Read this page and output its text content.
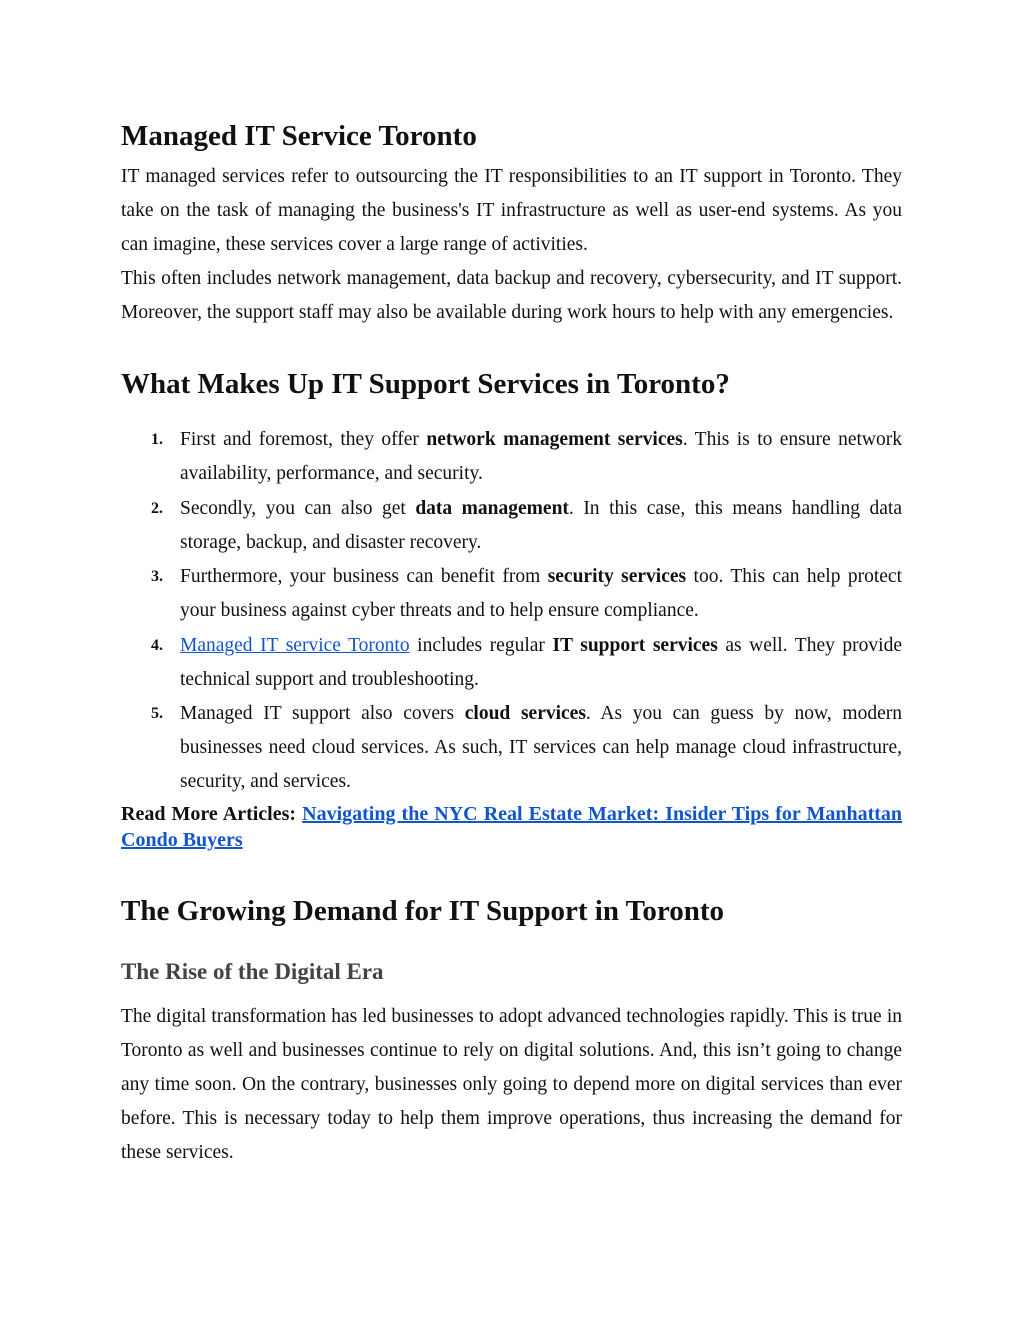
Managed IT Service Toronto

IT managed services refer to outsourcing the IT responsibilities to an IT support in Toronto. They take on the task of managing the business's IT infrastructure as well as user-end systems. As you can imagine, these services cover a large range of activities.

This often includes network management, data backup and recovery, cybersecurity, and IT support. Moreover, the support staff may also be available during work hours to help with any emergencies.

What Makes Up IT Support Services in Toronto?
1. First and foremost, they offer network management services. This is to ensure network availability, performance, and security.
2. Secondly, you can also get data management. In this case, this means handling data storage, backup, and disaster recovery.
3. Furthermore, your business can benefit from security services too. This can help protect your business against cyber threats and to help ensure compliance.
4. Managed IT service Toronto includes regular IT support services as well. They provide technical support and troubleshooting.
5. Managed IT support also covers cloud services. As you can guess by now, modern businesses need cloud services. As such, IT services can help manage cloud infrastructure, security, and services.

Read More Articles: Navigating the NYC Real Estate Market: Insider Tips for Manhattan Condo Buyers

The Growing Demand for IT Support in Toronto
The Rise of the Digital Era

The digital transformation has led businesses to adopt advanced technologies rapidly. This is true in Toronto as well and businesses continue to rely on digital solutions. And, this isn’t going to change any time soon. On the contrary, businesses only going to depend more on digital services than ever before. This is necessary today to help them improve operations, thus increasing the demand for these services.
